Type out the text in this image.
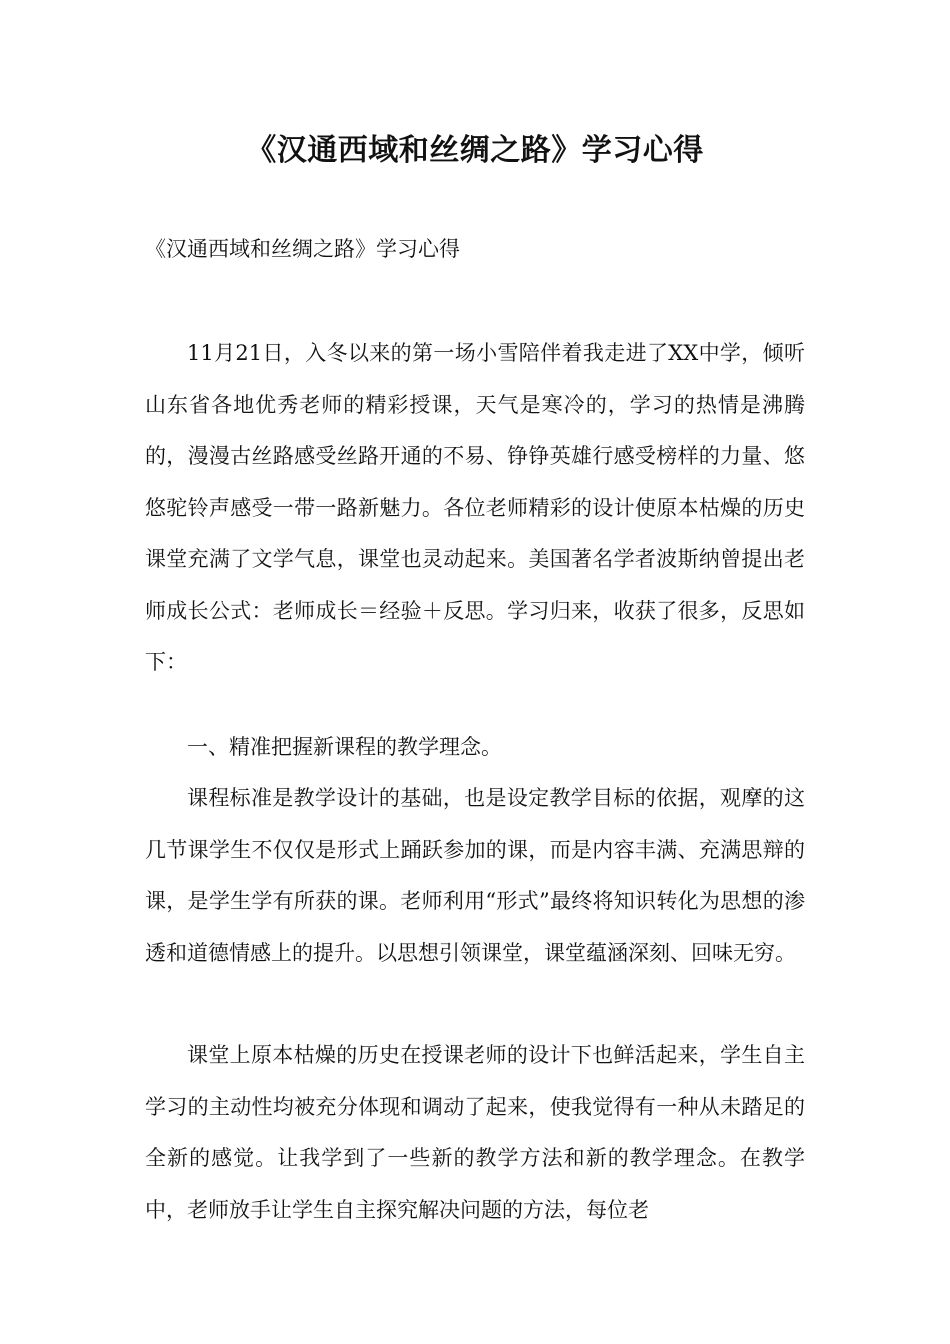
《汉通西域和丝绸之路》学习心得

《汉通西域和丝绸之路》学习心得

11月21日，入冬以来的第一场小雪陪伴着我走进了XX中学，倾听山东省各地优秀老师的精彩授课，天气是寒冷的，学习的热情是沸腾的，漫漫古丝路感受丝路开通的不易、铮铮英雄行感受榜样的力量、悠悠驼铃声感受一带一路新魅力。各位老师精彩的设计使原本枯燥的历史课堂充满了文学气息，课堂也灵动起来。美国著名学者波斯纳曾提出老师成长公式：老师成长＝经验＋反思。学习归来，收获了很多，反思如下：

一、精准把握新课程的教学理念。

课程标准是教学设计的基础，也是设定教学目标的依据，观摩的这几节课学生不仅仅是形式上踊跃参加的课，而是内容丰满、充满思辩的课，是学生学有所获的课。老师利用“形式”最终将知识转化为思想的渗透和道德情感上的提升。以思想引领课堂，课堂蕴涵深刻、回味无穷。

课堂上原本枯燥的历史在授课老师的设计下也鲜活起来，学生自主学习的主动性均被充分体现和调动了起来，使我觉得有一种从未踏足的全新的感觉。让我学到了一些新的教学方法和新的教学理念。在教学中，老师放手让学生自主探究解决问题的方法，每位老
